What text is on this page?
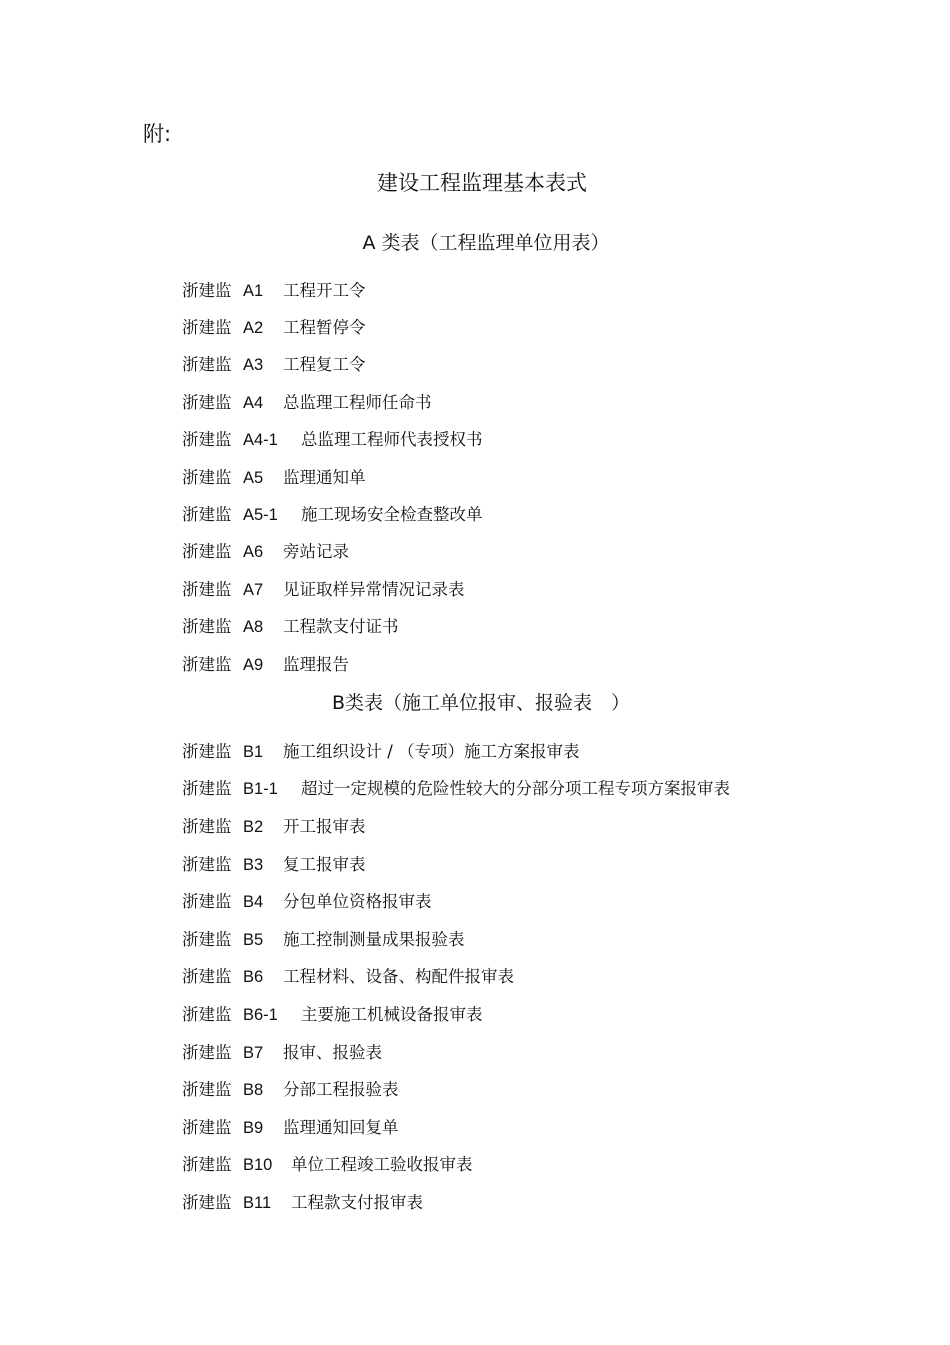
附:
建设工程监理基本表式
A 类表（工程监理单位用表）
浙建监 A1	工程开工令
浙建监 A2	工程暂停令
浙建监 A3	工程复工令
浙建监 A4	总监理工程师任命书
浙建监 A4-1	总监理工程师代表授权书
浙建监 A5	监理通知单
浙建监 A5-1	施工现场安全检查整改单
浙建监 A6	旁站记录
浙建监 A7	见证取样异常情况记录表
浙建监 A8	工程款支付证书
浙建监 A9	监理报告
B类表（施工单位报审、报验表　）
浙建监 B1	施工组织设计 / （专项）施工方案报审表
浙建监 B1-1	超过一定规模的危险性较大的分部分项工程专项方案报审表
浙建监 B2	开工报审表
浙建监 B3	复工报审表
浙建监 B4	分包单位资格报审表
浙建监 B5	施工控制测量成果报验表
浙建监 B6	工程材料、设备、构配件报审表
浙建监 B6-1	主要施工机械设备报审表
浙建监 B7	报审、报验表
浙建监 B8	分部工程报验表
浙建监 B9	监理通知回复单
浙建监 B10	单位工程竣工验收报审表
浙建监 B11	工程款支付报审表
